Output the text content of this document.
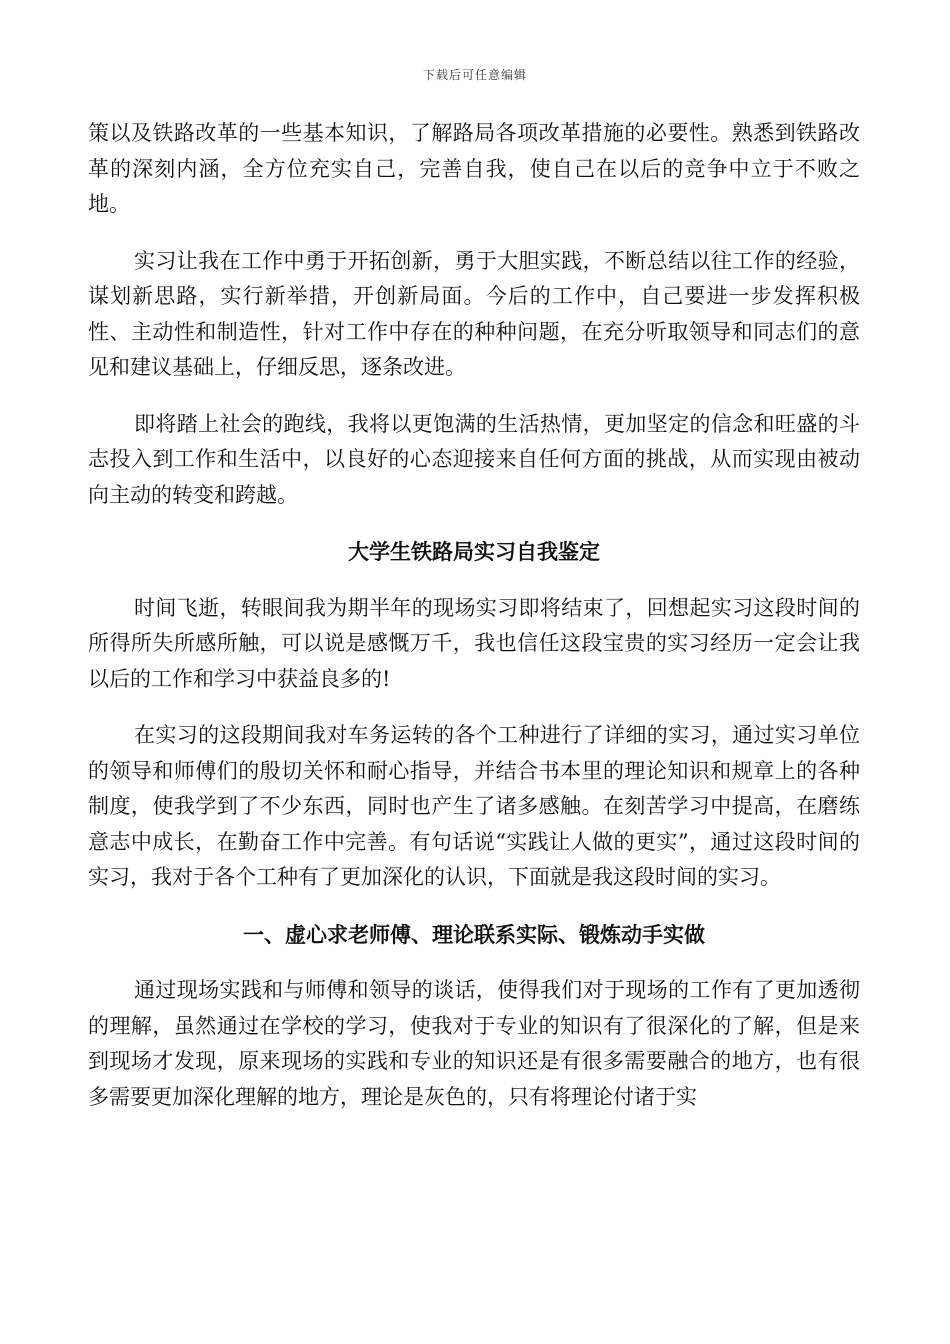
下载后可任意编辑

策以及铁路改革的一些基本知识，了解路局各项改革措施的必要性。熟悉到铁路改革的深刻内涵，全方位充实自己，完善自我，使自己在以后的竞争中立于不败之地。

实习让我在工作中勇于开拓创新，勇于大胆实践，不断总结以往工作的经验，谋划新思路，实行新举措，开创新局面。今后的工作中，自己要进一步发挥积极性、主动性和制造性，针对工作中存在的种种问题，在充分听取领导和同志们的意见和建议基础上，仔细反思，逐条改进。

即将踏上社会的跑线，我将以更饱满的生活热情，更加坚定的信念和旺盛的斗志投入到工作和生活中，以良好的心态迎接来自任何方面的挑战，从而实现由被动向主动的转变和跨越。

大学生铁路局实习自我鉴定

时间飞逝，转眼间我为期半年的现场实习即将结束了，回想起实习这段时间的所得所失所感所触，可以说是感慨万千，我也信任这段宝贵的实习经历一定会让我以后的工作和学习中获益良多的!

在实习的这段期间我对车务运转的各个工种进行了详细的实习，通过实习单位的领导和师傅们的殷切关怀和耐心指导，并结合书本里的理论知识和规章上的各种制度，使我学到了不少东西，同时也产生了诸多感触。在刻苦学习中提高，在磨练意志中成长，在勤奋工作中完善。有句话说“实践让人做的更实”，通过这段时间的实习，我对于各个工种有了更加深化的认识，下面就是我这段时间的实习。

一、虚心求老师傅、理论联系实际、锻炼动手实做

通过现场实践和与师傅和领导的谈话，使得我们对于现场的工作有了更加透彻的理解，虽然通过在学校的学习，使我对于专业的知识有了很深化的了解，但是来到现场才发现，原来现场的实践和专业的知识还是有很多需要融合的地方，也有很多需要更加深化理解的地方，理论是灰色的，只有将理论付诸于实
